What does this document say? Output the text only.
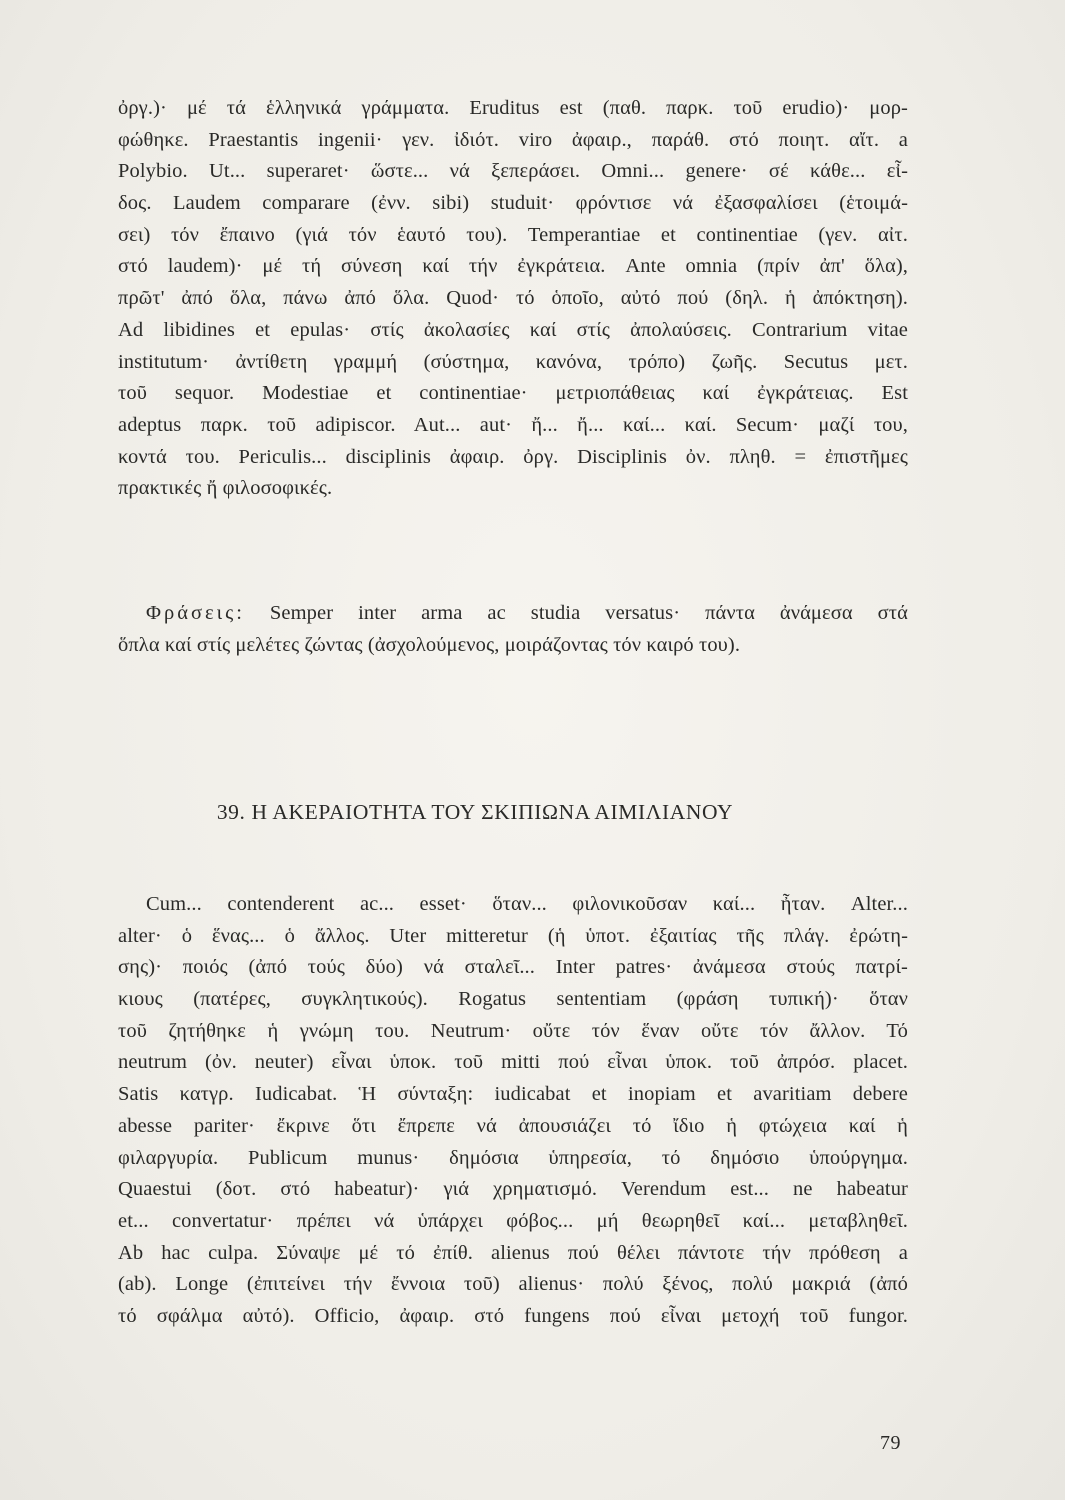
ὀργ.)· μέ τά ἑλληνικά γράμματα. Eruditus est (παθ. παρκ. τοῦ erudio)· μορ-
φώθηκε. Praestantis ingenii· γεν. ἰδιότ. viro ἀφαιρ., παράθ. στό ποιητ. αἴτ. a
Polybio. Ut... superaret· ὥστε... νά ξεπεράσει. Omni... genere· σέ κάθε... εἶ-
δος. Laudem comparare (ἐνν. sibi) studuit· φρόντισε νά ἐξασφαλίσει (ἑτοιμά-
σει) τόν ἔπαινο (γιά τόν ἑαυτό του). Temperantiae et continentiae (γεν. αἰτ.
στό laudem)· μέ τή σύνεση καί τήν ἐγκράτεια. Ante omnia (πρίν ἀπ' ὅλα),
πρῶτ' ἀπό ὅλα, πάνω ἀπό ὅλα. Quod· τό ὁποῖο, αὐτό πού (δηλ. ἡ ἀπόκτηση).
Ad libidines et epulas· στίς ἀκολασίες καί στίς ἀπολαύσεις. Contrarium vitae
institutum· ἀντίθετη γραμμή (σύστημα, κανόνα, τρόπο) ζωῆς. Secutus μετ.
τοῦ sequor. Modestiae et continentiae· μετριοπάθειας καί ἐγκράτειας. Est
adeptus παρκ. τοῦ adipiscor. Aut... aut· ἤ... ἤ... καί... καί. Secum· μαζί του,
κοντά του. Periculis... disciplinis ἀφαιρ. ὀργ. Disciplinis ὀν. πληθ. = ἐπιστῆμες
πρακτικές ἤ φιλοσοφικές.
Φράσεις: Semper inter arma ac studia versatus· πάντα ἀνάμεσα στά
ὅπλα καί στίς μελέτες ζώντας (ἀσχολούμενος, μοιράζοντας τόν καιρό του).
39. Η ΑΚΕΡΑΙΟΤΗΤΑ ΤΟΥ ΣΚΙΠΙΩΝΑ ΑΙΜΙΛΙΑΝΟΥ
Cum... contenderent ac... esset· ὅταν... φιλονικοῦσαν καί... ἦταν. Alter...
alter· ὁ ἕνας... ὁ ἄλλος. Uter mitteretur (ἡ ὑποτ. ἐξαιτίας τῆς πλάγ. ἐρώτη-
σης)· ποιός (ἀπό τούς δύο) νά σταλεῖ... Inter patres· ἀνάμεσα στούς πατρί-
κιους (πατέρες, συγκλητικούς). Rogatus sententiam (φράση τυπική)· ὅταν
τοῦ ζητήθηκε ἡ γνώμη του. Neutrum· οὔτε τόν ἕναν οὔτε τόν ἄλλον. Τό
neutrum (ὀν. neuter) εἶναι ὑποκ. τοῦ mitti πού εἶναι ὑποκ. τοῦ ἀπρόσ. placet.
Satis κατγρ. Iudicabat. Ἡ σύνταξη: iudicabat et inopiam et avaritiam debere
abesse pariter· ἔκρινε ὅτι ἔπρεπε νά ἀπουσιάζει τό ἴδιο ἡ φτώχεια καί ἡ
φιλαργυρία. Publicum munus· δημόσια ὑπηρεσία, τό δημόσιο ὑπούργημα.
Quaestui (δοτ. στό habeatur)· γιά χρηματισμό. Verendum est... ne habeatur
et... convertatur· πρέπει νά ὑπάρχει φόβος... μή θεωρηθεῖ καί... μεταβληθεῖ.
Ab hac culpa. Σύναψε μέ τό ἐπίθ. alienus πού θέλει πάντοτε τήν πρόθεση a
(ab). Longe (ἐπιτείνει τήν ἔννοια τοῦ) alienus· πολύ ξένος, πολύ μακριά (ἀπό
τό σφάλμα αὐτό). Officio, ἀφαιρ. στό fungens πού εἶναι μετοχή τοῦ fungor.
79
